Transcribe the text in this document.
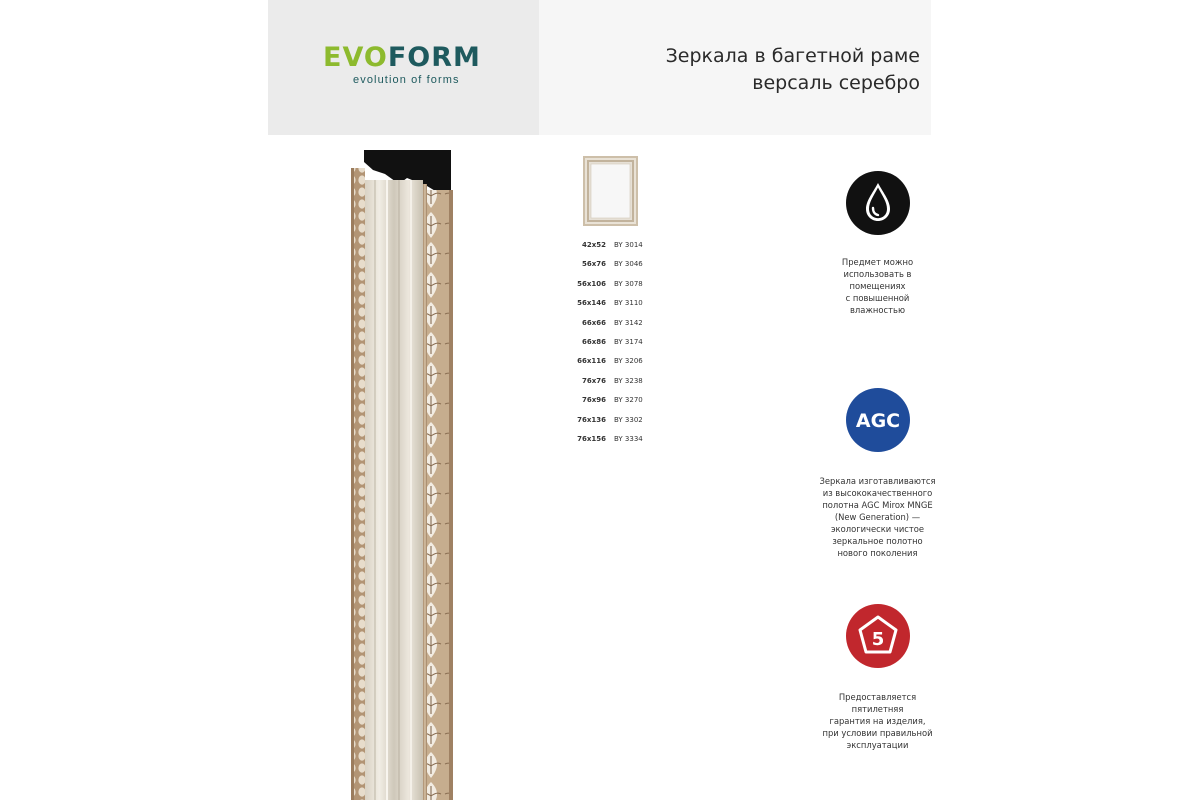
EVOFORM
evolution of forms
Зеркала в багетной раме
версаль серебро
42x52	BY 3014
56x76	BY 3046
56x106	BY 3078
56x146	BY 3110
66x66	BY 3142
66x86	BY 3174
66x116	BY 3206
76x76	BY 3238
76x96	BY 3270
76x136	BY 3302
76x156	BY 3334
Предмет можно
использовать в
помещениях
с повышенной
влажностью
AGC
Зеркала изготавливаются
из высококачественного
полотна AGC Mirox MNGE
(New Generation) —
экологически чистое
зеркальное полотно
нового поколения
5
Предоставляется
пятилетняя
гарантия на изделия,
при условии правильной
эксплуатации
